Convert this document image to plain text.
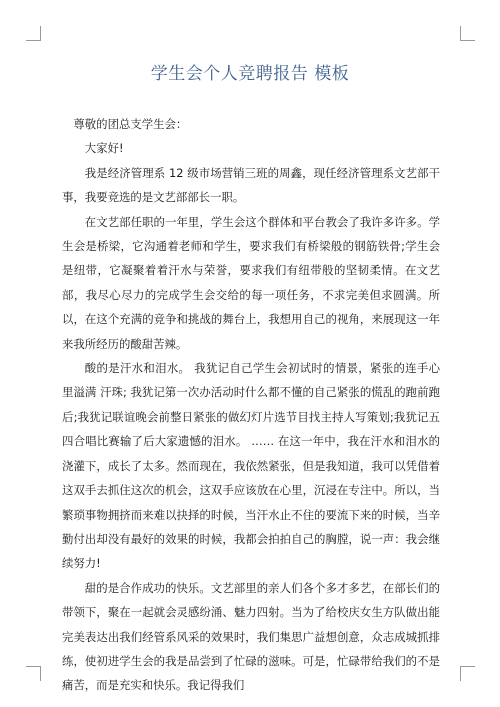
学生会个人竞聘报告 模板

尊敬的团总支学生会：

大家好!

我是经济管理系 12 级市场营销三班的周鑫，现任经济管理系文艺部干事，我要竞选的是文艺部部长一职。

在文艺部任职的一年里，学生会这个群体和平台教会了我许多许多。学生会是桥梁，它沟通着老师和学生，要求我们有桥梁般的钢筋铁骨;学生会是纽带，它凝聚着着汗水与荣誉，要求我们有纽带般的坚韧柔情。在文艺部，我尽心尽力的完成学生会交给的每一项任务，不求完美但求圆满。所以，在这个充满的竞争和挑战的舞台上，我想用自己的视角，来展现这一年来我所经历的酸甜苦辣。

酸的是汗水和泪水。 我犹记自己学生会初试时的情景，紧张的连手心里溢满 汗珠; 我犹记第一次办活动时什么都不懂的自己紧张的慌乱的跑前跑后;我犹记联谊晚会前整日紧张的做幻灯片选节目找主持人写策划;我犹记五四合唱比赛输了后大家遗憾的泪水。 …… 在这一年中，我在汗水和泪水的浇灌下，成长了太多。然而现在，我依然紧张，但是我知道，我可以凭借着这双手去抓住这次的机会，这双手应该放在心里，沉浸在专注中。所以，当繁琐事物拥挤而来难以抉择的时候，当汗水止不住的要流下来的时候，当辛勤付出却没有最好的效果的时候，我都会拍拍自己的胸膛，说一声：我会继续努力!

甜的是合作成功的快乐。文艺部里的亲人们各个多才多艺，在部长们的带领下，聚在一起就会灵感纷涌、魅力四射。当为了给校庆女生方队做出能完美表达出我们经管系风采的效果时，我们集思广益想创意，众志成城抓排练，使初进学生会的我是品尝到了忙碌的滋味。可是，忙碌带给我们的不是痛苦，而是充实和快乐。我记得我们
